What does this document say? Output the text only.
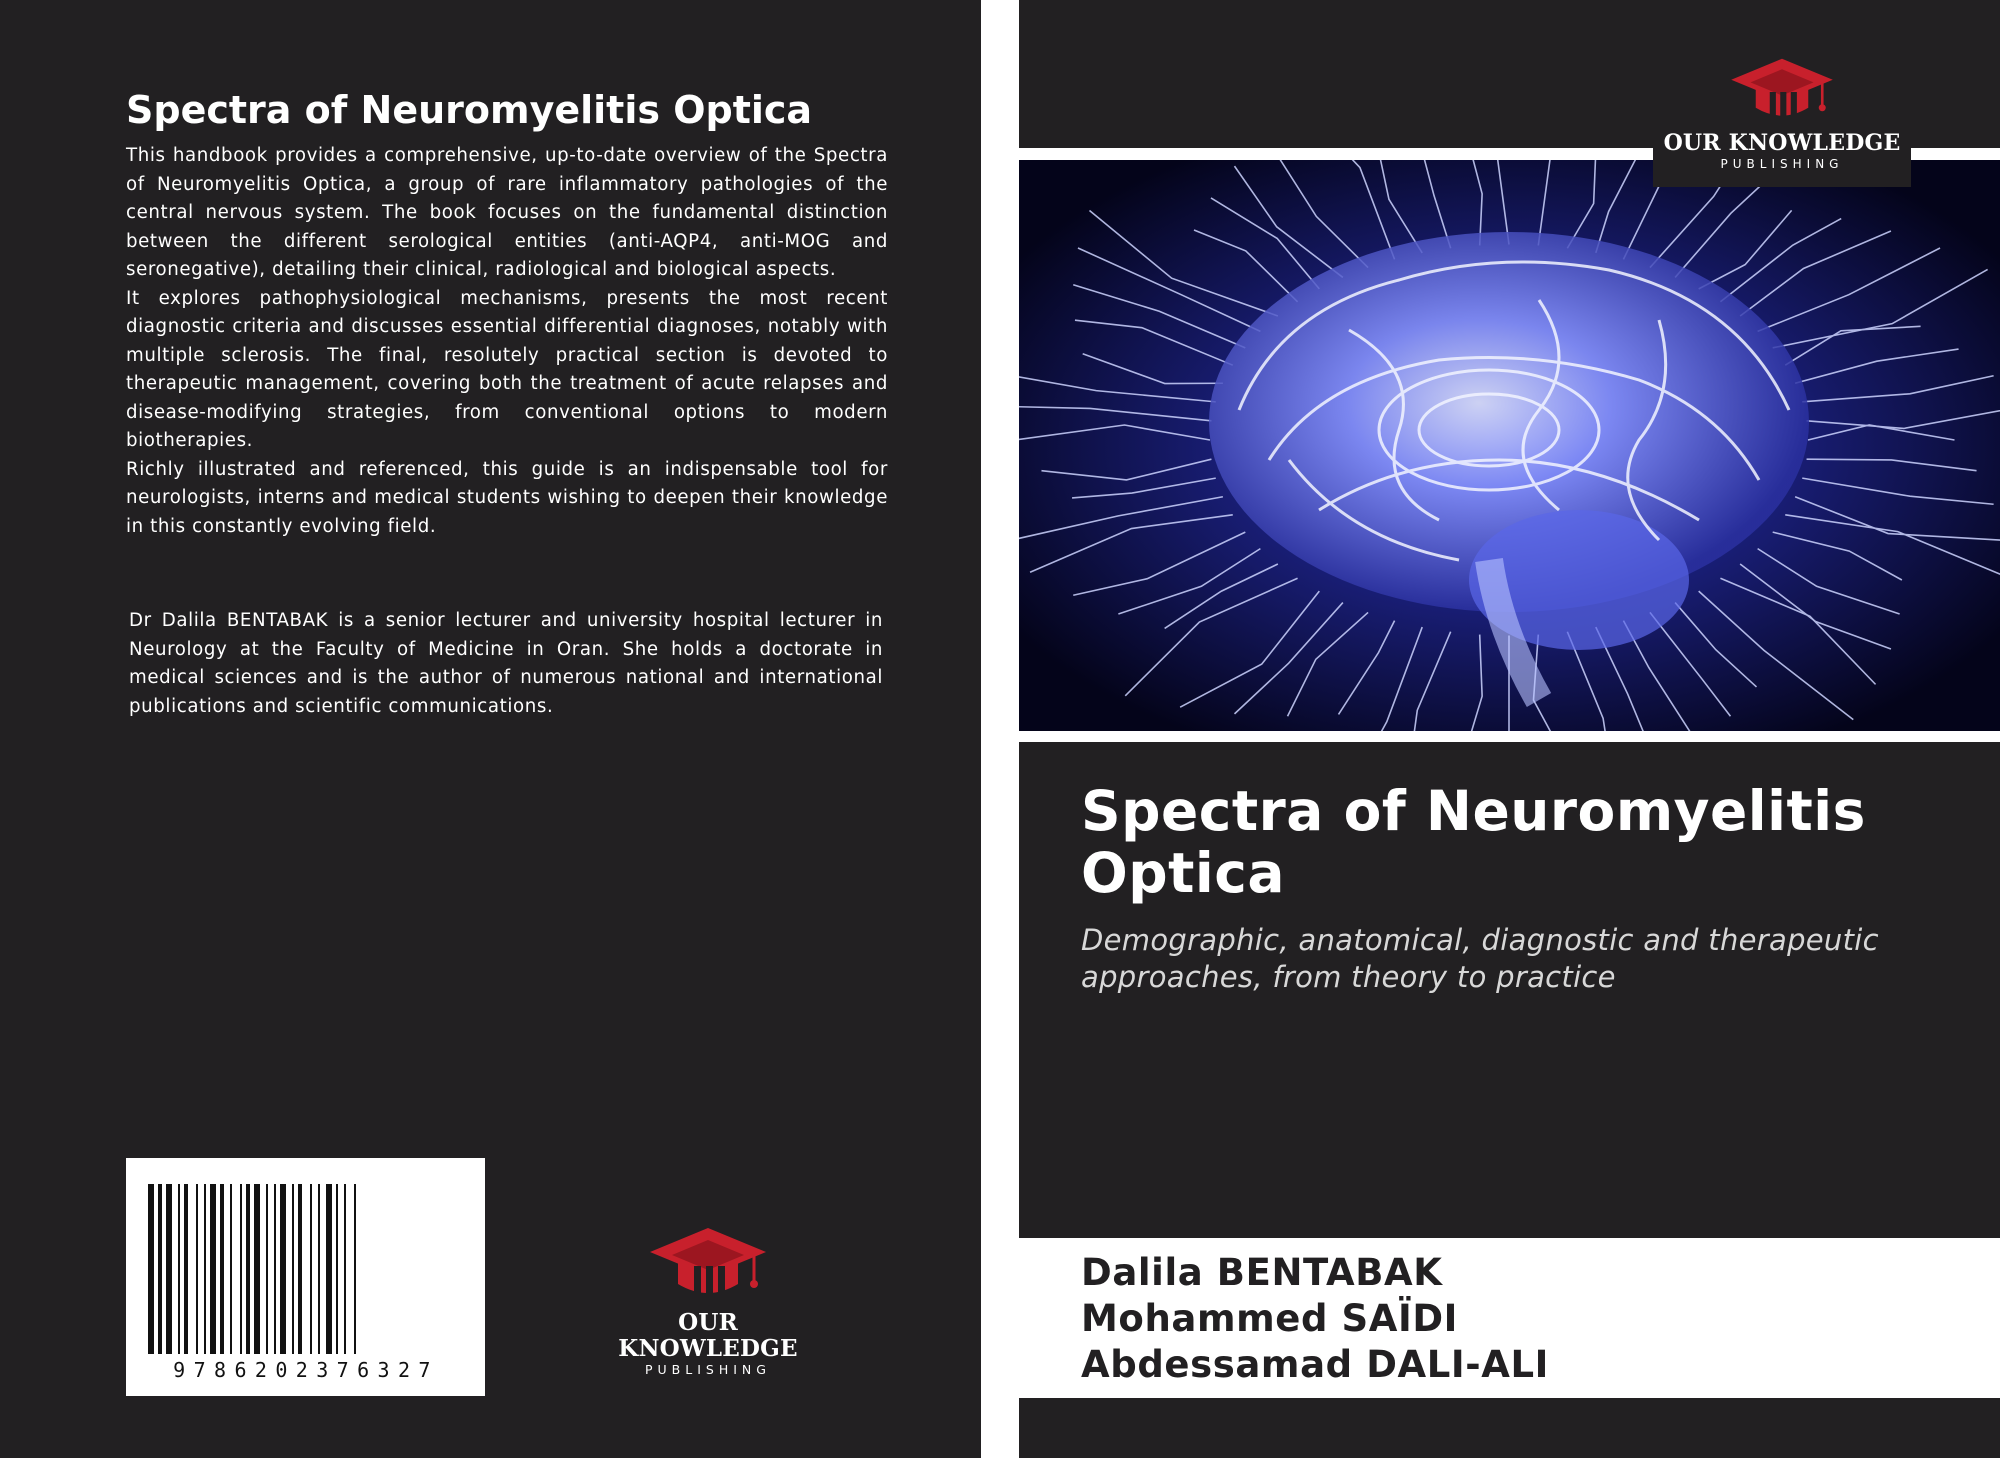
Spectra of Neuromyelitis Optica

This handbook provides a comprehensive, up-to-date overview of the Spectra of Neuromyelitis Optica, a group of rare inflammatory pathologies of the central nervous system. The book focuses on the fundamental distinction between the different serological entities (anti-AQP4, anti-MOG and seronegative), detailing their clinical, radiological and biological aspects.

It explores pathophysiological mechanisms, presents the most recent diagnostic criteria and discusses essential differential diagnoses, notably with multiple sclerosis. The final, resolutely practical section is devoted to therapeutic management, covering both the treatment of acute relapses and disease-modifying strategies, from conventional options to modern biotherapies.

Richly illustrated and referenced, this guide is an indispensable tool for neurologists, interns and medical students wishing to deepen their knowledge in this constantly evolving field.

Dr Dalila BENTABAK is a senior lecturer and university hospital lecturer in Neurology at the Faculty of Medicine in Oran. She holds a doctorate in medical sciences and is the author of numerous national and international publications and scientific communications.

9786202376327
OUR KNOWLEDGE
PUBLISHING
Spectra of Neuromyelitis Optica

Demographic, anatomical, diagnostic and therapeutic approaches, from theory to practice

Dalila BENTABAK
Mohammed SAÏDI
Abdessamad DALI-ALI
OUR KNOWLEDGE
PUBLISHING
